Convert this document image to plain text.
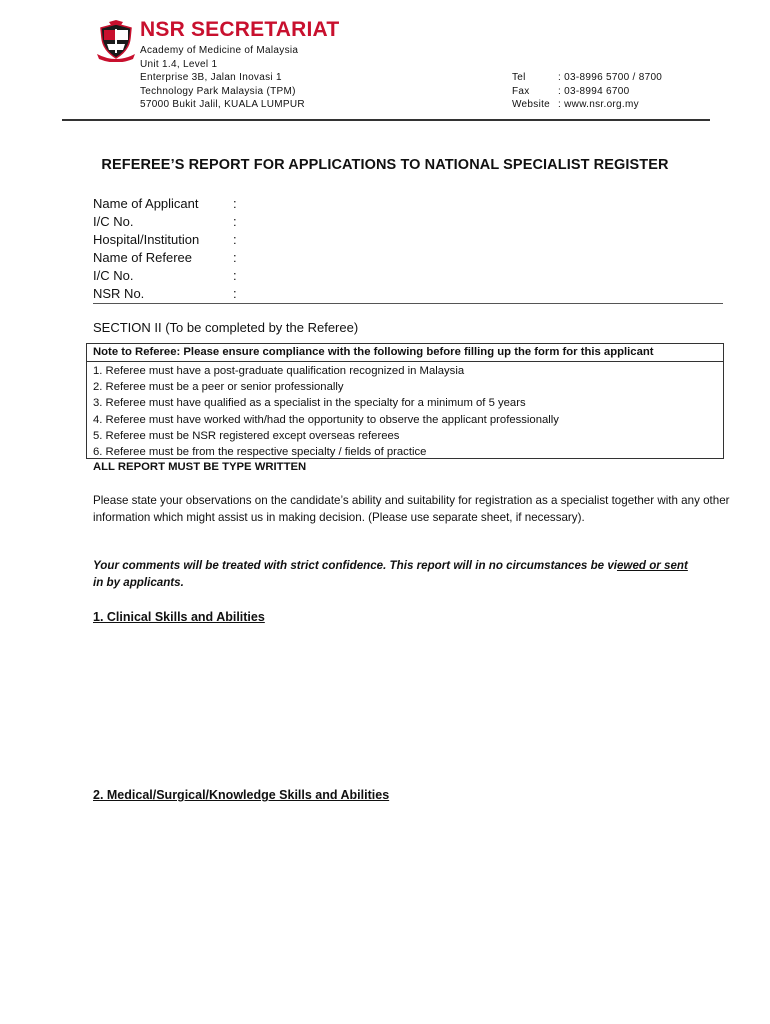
NSR SECRETARIAT
Academy of Medicine of Malaysia
Unit 1.4, Level 1
Enterprise 3B, Jalan Inovasi 1
Technology Park Malaysia (TPM)
57000 Bukit Jalil, KUALA LUMPUR
Tel	: 03-8996 5700 / 8700
Fax	: 03-8994 6700
Website : www.nsr.org.my
REFEREE’S REPORT FOR APPLICATIONS TO NATIONAL SPECIALIST REGISTER
Name of Applicant	:
I/C No.	:
Hospital/Institution	:
Name of Referee	:
I/C No.	:
NSR No.	:
SECTION II (To be completed by the Referee)
Note to Referee: Please ensure compliance with the following before filling up the form for this applicant
1. Referee must have a post-graduate qualification recognized in Malaysia
2. Referee must be a peer or senior professionally
3. Referee must have qualified as a specialist in the specialty for a minimum of 5 years
4. Referee must have worked with/had the opportunity to observe the applicant professionally
5. Referee must be NSR registered except overseas referees
6. Referee must be from the respective specialty / fields of practice
ALL REPORT MUST BE TYPE WRITTEN
Please state your observations on the candidate’s ability and suitability for registration as a specialist together with any other information which might assist us in making decision. (Please use separate sheet, if necessary).
Your comments will be treated with strict confidence. This report will in no circumstances be viewed or sent
in by applicants.
1. Clinical Skills and Abilities
2. Medical/Surgical/Knowledge Skills and Abilities
